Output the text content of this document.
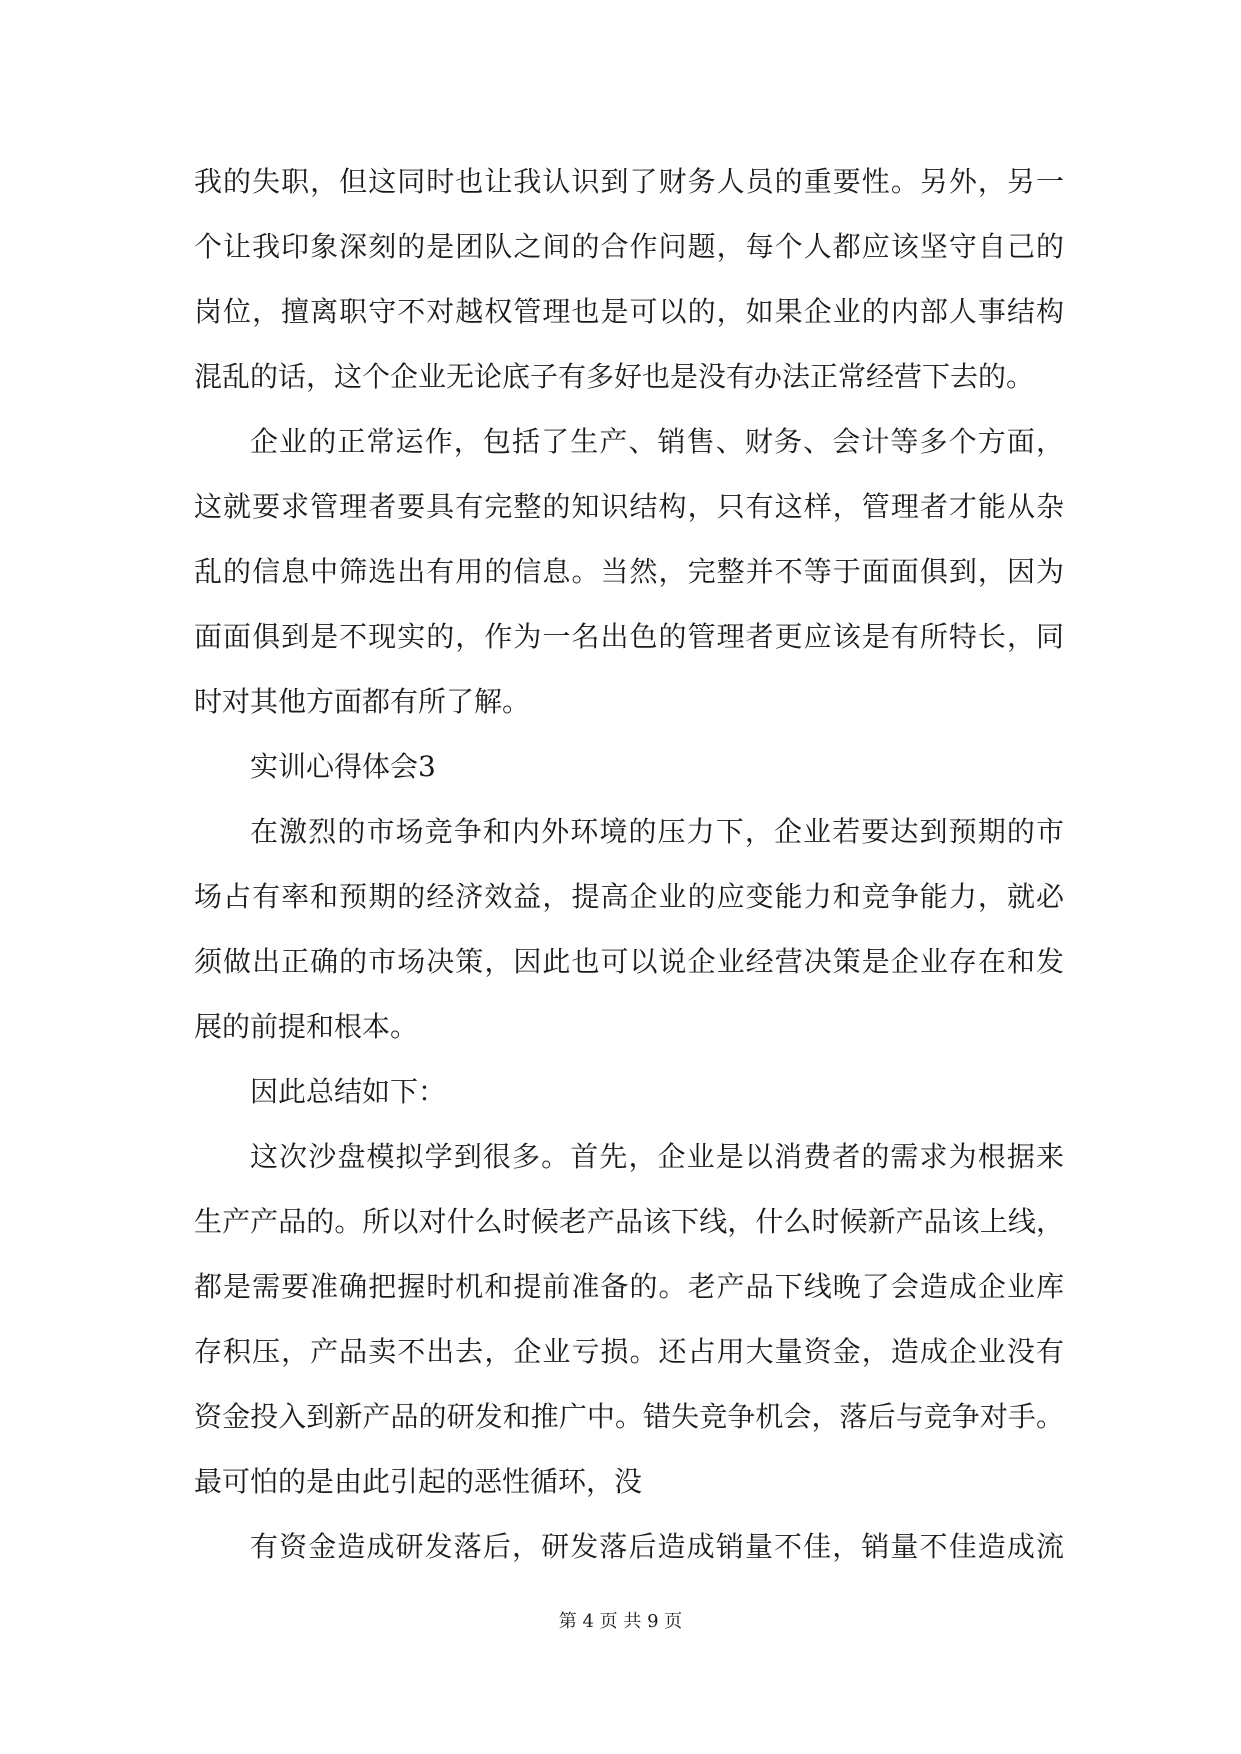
我的失职，但这同时也让我认识到了财务人员的重要性。另外，另一
个让我印象深刻的是团队之间的合作问题，每个人都应该坚守自己的
岗位，擅离职守不对越权管理也是可以的，如果企业的内部人事结构
混乱的话，这个企业无论底子有多好也是没有办法正常经营下去的。
企业的正常运作，包括了生产、销售、财务、会计等多个方面，
这就要求管理者要具有完整的知识结构，只有这样，管理者才能从杂
乱的信息中筛选出有用的信息。当然，完整并不等于面面俱到，因为
面面俱到是不现实的，作为一名出色的管理者更应该是有所特长，同
时对其他方面都有所了解。
实训心得体会3
在激烈的市场竞争和内外环境的压力下，企业若要达到预期的市
场占有率和预期的经济效益，提高企业的应变能力和竞争能力，就必
须做出正确的市场决策，因此也可以说企业经营决策是企业存在和发
展的前提和根本。
因此总结如下：
这次沙盘模拟学到很多。首先，企业是以消费者的需求为根据来
生产产品的。所以对什么时候老产品该下线，什么时候新产品该上线，
都是需要准确把握时机和提前准备的。老产品下线晚了会造成企业库
存积压，产品卖不出去，企业亏损。还占用大量资金，造成企业没有
资金投入到新产品的研发和推广中。错失竞争机会，落后与竞争对手。
最可怕的是由此引起的恶性循环，没
有资金造成研发落后，研发落后造成销量不佳，销量不佳造成流
第 4 页 共 9 页
